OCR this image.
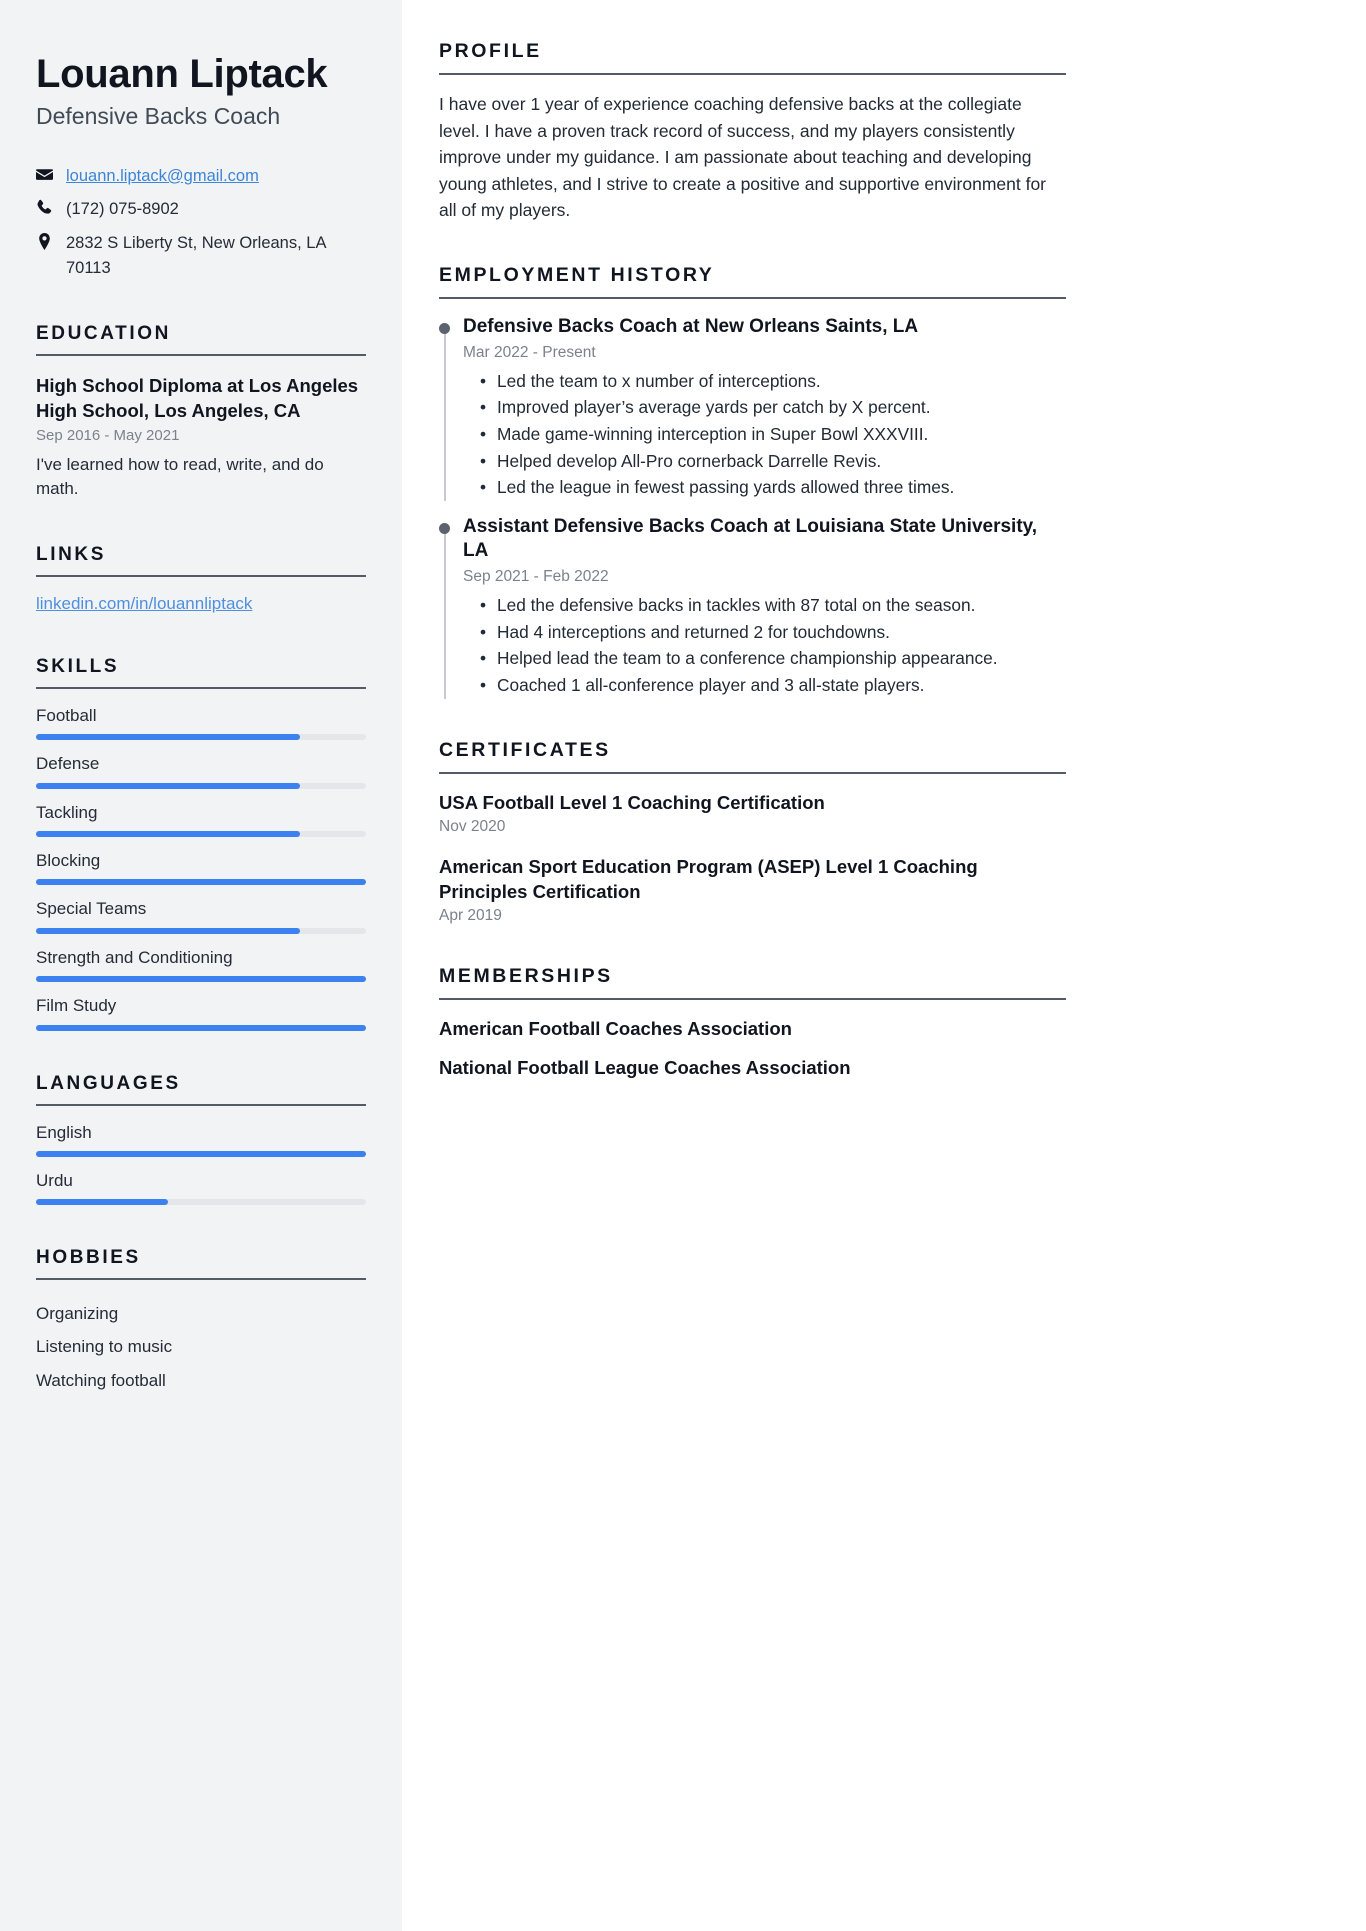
Louann Liptack
Defensive Backs Coach
louann.liptack@gmail.com
(172) 075-8902
2832 S Liberty St, New Orleans, LA 70113
EDUCATION
High School Diploma at Los Angeles High School, Los Angeles, CA
Sep 2016 - May 2021
I've learned how to read, write, and do math.
LINKS
linkedin.com/in/louannliptack
SKILLS
Football
Defense
Tackling
Blocking
Special Teams
Strength and Conditioning
Film Study
LANGUAGES
English
Urdu
HOBBIES
Organizing
Listening to music
Watching football
PROFILE

I have over 1 year of experience coaching defensive backs at the collegiate level. I have a proven track record of success, and my players consistently improve under my guidance. I am passionate about teaching and developing young athletes, and I strive to create a positive and supportive environment for all of my players.

EMPLOYMENT HISTORY
Defensive Backs Coach at New Orleans Saints, LA
Mar 2022 - Present
• Led the team to x number of interceptions.
• Improved player’s average yards per catch by X percent.
• Made game-winning interception in Super Bowl XXXVIII.
• Helped develop All-Pro cornerback Darrelle Revis.
• Led the league in fewest passing yards allowed three times.
Assistant Defensive Backs Coach at Louisiana State University, LA
Sep 2021 - Feb 2022
• Led the defensive backs in tackles with 87 total on the season.
• Had 4 interceptions and returned 2 for touchdowns.
• Helped lead the team to a conference championship appearance.
• Coached 1 all-conference player and 3 all-state players.
CERTIFICATES
USA Football Level 1 Coaching Certification
Nov 2020
American Sport Education Program (ASEP) Level 1 Coaching Principles Certification
Apr 2019
MEMBERSHIPS
American Football Coaches Association
National Football League Coaches Association
